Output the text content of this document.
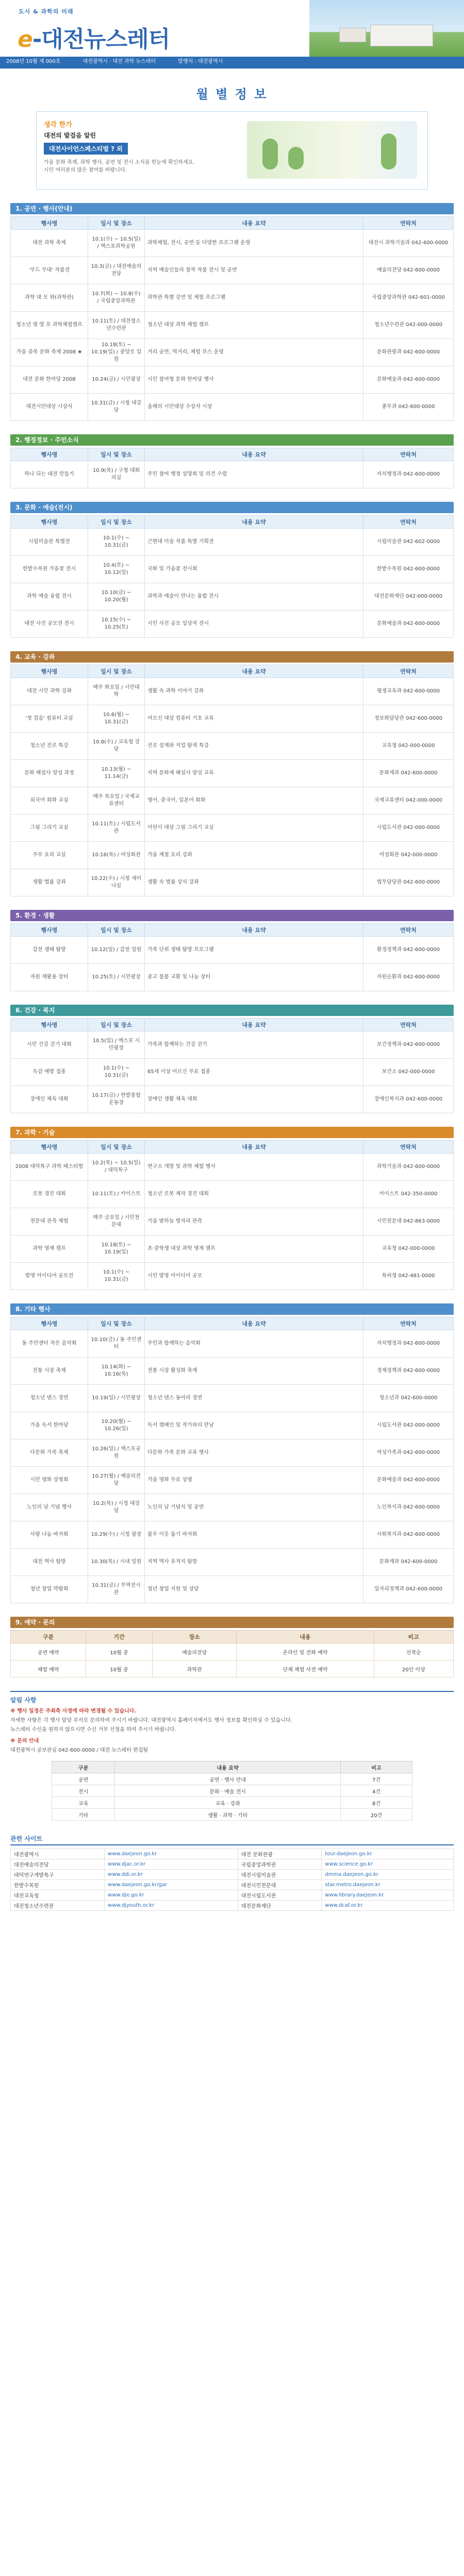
도시 & 과학의 미래
e-대전뉴스레터
2008년 10월 제 000호	대전광역시 · 대전 과학 뉴스레터	발행처 : 대전광역시
월 별 정 보
생각 한가
대전의 발걸음 알린
대전사이언스페스티벌 ? 외
가을 문화 축제, 과학 행사, 공연 및 전시 소식을 한눈에 확인하세요. 시민 여러분의 많은 참여를 바랍니다.
1. 공연 · 행사(안내)
행사명	일시 및 장소	내용 요약	연락처
대전 과학 축제	10.1(수) ~ 10.5(일) / 엑스포과학공원	과학체험, 전시, 공연 등 다양한 프로그램 운영	대전시 과학기술과 042-600-0000
'무드 무대' 작품전	10.3(금) / 대전예술의전당	지역 예술인들의 창작 작품 전시 및 공연	예술의전당 042-600-0000
과학 대 모 와(과학관)	10.7(화) ~ 10.8(수) / 국립중앙과학관	과학관 특별 강연 및 체험 프로그램	국립중앙과학관 042-601-0000
청소년 영 열 포 과학체험캠프	10.11(토) / 대전청소년수련관	청소년 대상 과학 체험 캠프	청소년수련관 042-000-0000
가을 골목 문화 축제 2008 ★	10.18(토) ~ 10.19(일) / 중앙로 일원	거리 공연, 먹거리, 체험 부스 운영	문화관광과 042-600-0000
대전 문화 한마당 2008	10.24(금) / 시민광장	시민 참여형 문화 한마당 행사	문화예술과 042-600-0000
대전시민대상 시상식	10.31(금) / 시청 대강당	올해의 시민대상 수상자 시상	총무과 042-600-0000
2. 행정정보 · 주민소식
행사명	일시 및 장소	내용 요약	연락처
하나 되는 대전 만들기	10.9(목) / 구청 대회의실	주민 참여 행정 설명회 및 의견 수렴	자치행정과 042-600-0000
3. 문화 · 예술(전시)
행사명	일시 및 장소	내용 요약	연락처
시립미술관 특별전	10.1(수) ~ 10.31(금)	근현대 미술 작품 특별 기획전	시립미술관 042-602-0000
한밭수목원 가을꽃 전시	10.4(토) ~ 10.12(일)	국화 및 가을꽃 전시회	한밭수목원 042-600-0000
과학 예술 융합 전시	10.10(금) ~ 10.20(월)	과학과 예술이 만나는 융합 전시	대전문화재단 042-000-0000
대전 사진 공모전 전시	10.15(수) ~ 10.25(토)	시민 사진 공모 입상작 전시	문화예술과 042-600-0000
4. 교육 · 강좌
행사명	일시 및 장소	내용 요약	연락처
대전 시민 과학 강좌	매주 화요일 / 시민대학	생활 속 과학 이야기 강좌	평생교육과 042-600-0000
'첫 걸음' 컴퓨터 교실	10.6(월) ~ 10.31(금)	어르신 대상 컴퓨터 기초 교육	정보화담당관 042-600-0000
청소년 진로 특강	10.8(수) / 교육청 강당	진로 설계와 직업 탐색 특강	교육청 042-000-0000
문화 해설사 양성 과정	10.13(월) ~ 11.14(금)	지역 문화재 해설사 양성 교육	문화재과 042-600-0000
외국어 회화 교실	매주 목요일 / 국제교류센터	영어, 중국어, 일본어 회화	국제교류센터 042-000-0000
그림 그리기 교실	10.11(토) / 시립도서관	어린이 대상 그림 그리기 교실	시립도서관 042-000-0000
주부 요리 교실	10.16(목) / 여성회관	가을 제철 요리 강좌	여성회관 042-000-0000
생활 법률 강좌	10.22(수) / 시청 세미나실	생활 속 법률 상식 강좌	법무담당관 042-600-0000
5. 환경 · 생활
행사명	일시 및 장소	내용 요약	연락처
갑천 생태 탐방	10.12(일) / 갑천 일원	가족 단위 생태 탐방 프로그램	환경정책과 042-600-0000
자원 재활용 장터	10.25(토) / 시민광장	중고 물품 교환 및 나눔 장터	자원순환과 042-600-0000
6. 건강 · 복지
행사명	일시 및 장소	내용 요약	연락처
시민 건강 걷기 대회	10.5(일) / 엑스포 시민광장	가족과 함께하는 건강 걷기	보건정책과 042-600-0000
독감 예방 접종	10.1(수) ~ 10.31(금)	65세 이상 어르신 무료 접종	보건소 042-000-0000
장애인 체육 대회	10.17(금) / 한밭종합운동장	장애인 생활 체육 대회	장애인복지과 042-600-0000
7. 과학 · 기술
행사명	일시 및 장소	내용 요약	연락처
2008 대덕특구 과학 페스티벌	10.2(목) ~ 10.5(일) / 대덕특구	연구소 개방 및 과학 체험 행사	과학기술과 042-600-0000
로봇 경진 대회	10.11(토) / 카이스트	청소년 로봇 제작 경진 대회	카이스트 042-350-0000
천문대 관측 체험	매주 금요일 / 시민천문대	가을 밤하늘 별자리 관측	시민천문대 042-863-0000
과학 영재 캠프	10.18(토) ~ 10.19(일)	초·중학생 대상 과학 영재 캠프	교육청 042-000-0000
발명 아이디어 공모전	10.1(수) ~ 10.31(금)	시민 발명 아이디어 공모	특허청 042-481-0000
8. 기타 행사
행사명	일시 및 장소	내용 요약	연락처
동 주민센터 작은 음악회	10.10(금) / 동 주민센터	주민과 함께하는 음악회	자치행정과 042-600-0000
전통 시장 축제	10.14(화) ~ 10.16(목)	전통 시장 활성화 축제	경제정책과 042-600-0000
청소년 댄스 경연	10.19(일) / 시민광장	청소년 댄스 동아리 경연	청소년과 042-600-0000
가을 독서 한마당	10.20(월) ~ 10.26(일)	독서 캠페인 및 작가와의 만남	시립도서관 042-000-0000
다문화 가족 축제	10.26(일) / 엑스포공원	다문화 가족 문화 교류 행사	여성가족과 042-600-0000
시민 영화 상영회	10.27(월) / 예술의전당	가을 명화 무료 상영	문화예술과 042-600-0000
노인의 날 기념 행사	10.2(목) / 시청 대강당	노인의 날 기념식 및 공연	노인복지과 042-600-0000
사랑 나눔 바자회	10.29(수) / 시청 광장	불우 이웃 돕기 바자회	사회복지과 042-600-0000
대전 역사 탐방	10.30(목) / 시내 일원	지역 역사 유적지 탐방	문화재과 042-600-0000
청년 창업 박람회	10.31(금) / 무역전시관	청년 창업 지원 및 상담	일자리정책과 042-600-0000
9. 예약 · 문의
구분	기간	장소	내용	비고
공연 예약	10월 중	예술의전당	온라인 및 전화 예약	선착순
체험 예약	10월 중	과학관	단체 체험 사전 예약	20인 이상
알림 사항
※ 행사 일정은 주최측 사정에 따라 변경될 수 있습니다.

자세한 사항은 각 행사 담당 부서로 문의하여 주시기 바랍니다. 대전광역시 홈페이지에서도 행사 정보를 확인하실 수 있습니다.

뉴스레터 수신을 원하지 않으시면 수신 거부 신청을 하여 주시기 바랍니다.

※ 문의 안내

대전광역시 공보관실 042-600-0000 / 대전 뉴스레터 편집팀

구분	내용 요약	비고
공연	공연 · 행사 안내	7건
전시	문화 · 예술 전시	4건
교육	교육 · 강좌	8건
기타	생활 · 과학 · 기타	20건
관련 사이트
대전광역시	www.daejeon.go.kr	대전 문화관광	tour.daejeon.go.kr
대전예술의전당	www.djac.or.kr	국립중앙과학관	www.science.go.kr
대덕연구개발특구	www.ddi.or.kr	대전시립미술관	dmma.daejeon.go.kr
한밭수목원	www.daejeon.go.kr/gar	대전시민천문대	star.metro.daejeon.kr
대전교육청	www.dje.go.kr	대전시립도서관	www.library.daejeon.kr
대전청소년수련관	www.djyouth.or.kr	대전문화재단	www.dcaf.or.kr
